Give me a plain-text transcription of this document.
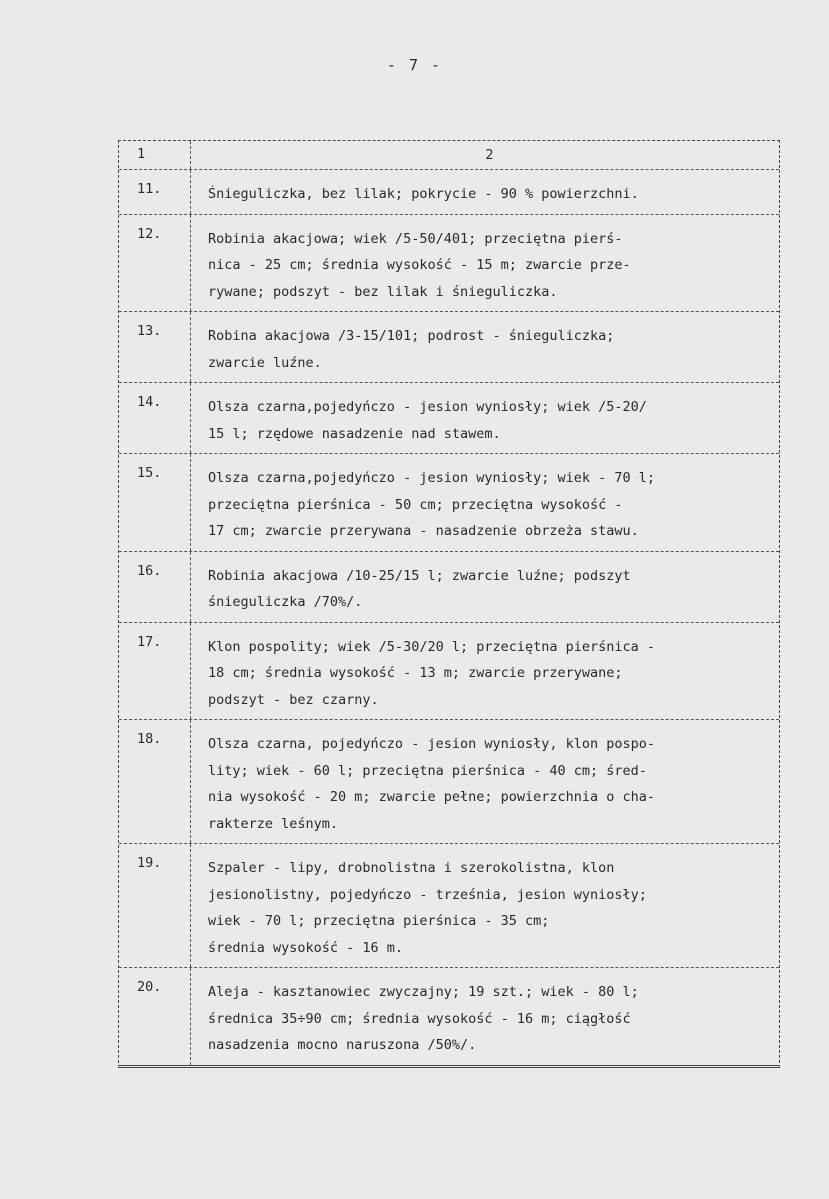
- 7 -
1	2
11.	Śnieguliczka, bez lilak; pokrycie - 90 % powierzchni.
12.	Robinia akacjowa; wiek /5-50/401; przeciętna pierś-
nica - 25 cm; średnia wysokość - 15 m; zwarcie prze-
rywane; podszyt - bez lilak i śnieguliczka.
13.	Robina akacjowa /3-15/101; podrost - śnieguliczka;
zwarcie luźne.
14.	Olsza czarna,pojedyńczo - jesion wyniosły; wiek /5-20/
15 l; rzędowe nasadzenie nad stawem.
15.	Olsza czarna,pojedyńczo - jesion wyniosły; wiek - 70 l;
przeciętna pierśnica - 50 cm; przeciętna wysokość -
17 cm; zwarcie przerywana - nasadzenie obrzeża stawu.
16.	Robinia akacjowa /10-25/15 l; zwarcie luźne; podszyt
śnieguliczka /70%/.
17.	Klon pospolity; wiek /5-30/20 l; przeciętna pierśnica -
18 cm; średnia wysokość - 13 m; zwarcie przerywane;
podszyt - bez czarny.
18.	Olsza czarna, pojedyńczo - jesion wyniosły, klon pospo-
lity; wiek - 60 l; przeciętna pierśnica - 40 cm; śred-
nia wysokość - 20 m; zwarcie pełne; powierzchnia o cha-
rakterze leśnym.
19.	Szpaler - lipy, drobnolistna i szerokolistna, klon
jesionolistny, pojedyńczo - trześnia, jesion wyniosły;
wiek - 70 l; przeciętna pierśnica - 35 cm;
średnia wysokość - 16 m.
20.	Aleja - kasztanowiec zwyczajny; 19 szt.; wiek - 80 l;
średnica 35÷90 cm; średnia wysokość - 16 m; ciągłość
nasadzenia mocno naruszona /50%/.
